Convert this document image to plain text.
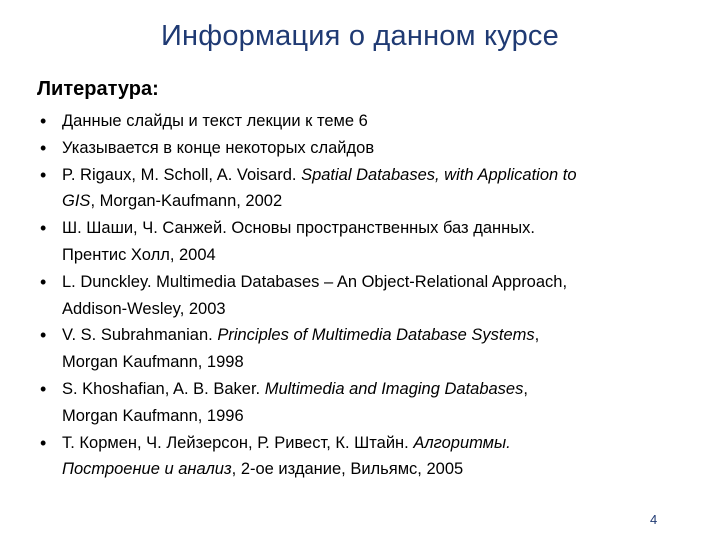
Информация о данном курсе
Литература:
• Данные слайды и текст лекции к теме 6
• Указывается в конце некоторых слайдов
• P. Rigaux, M. Scholl, A. Voisard. Spatial Databases, with Application to
GIS, Morgan-Kaufmann, 2002
• Ш. Шаши, Ч. Санжей. Основы пространственных баз данных.
Прентис Холл, 2004
• L. Dunckley. Multimedia Databases – An Object-Relational Approach,
Addison-Wesley, 2003
• V. S. Subrahmanian. Principles of Multimedia Database Systems,
Morgan Kaufmann, 1998
• S. Khoshafian, A. B. Baker. Multimedia and Imaging Databases,
Morgan Kaufmann, 1996
• Т. Кормен, Ч. Лейзерсон, Р. Ривест, К. Штайн. Алгоритмы.
Построение и анализ, 2-ое издание, Вильямс, 2005
4
